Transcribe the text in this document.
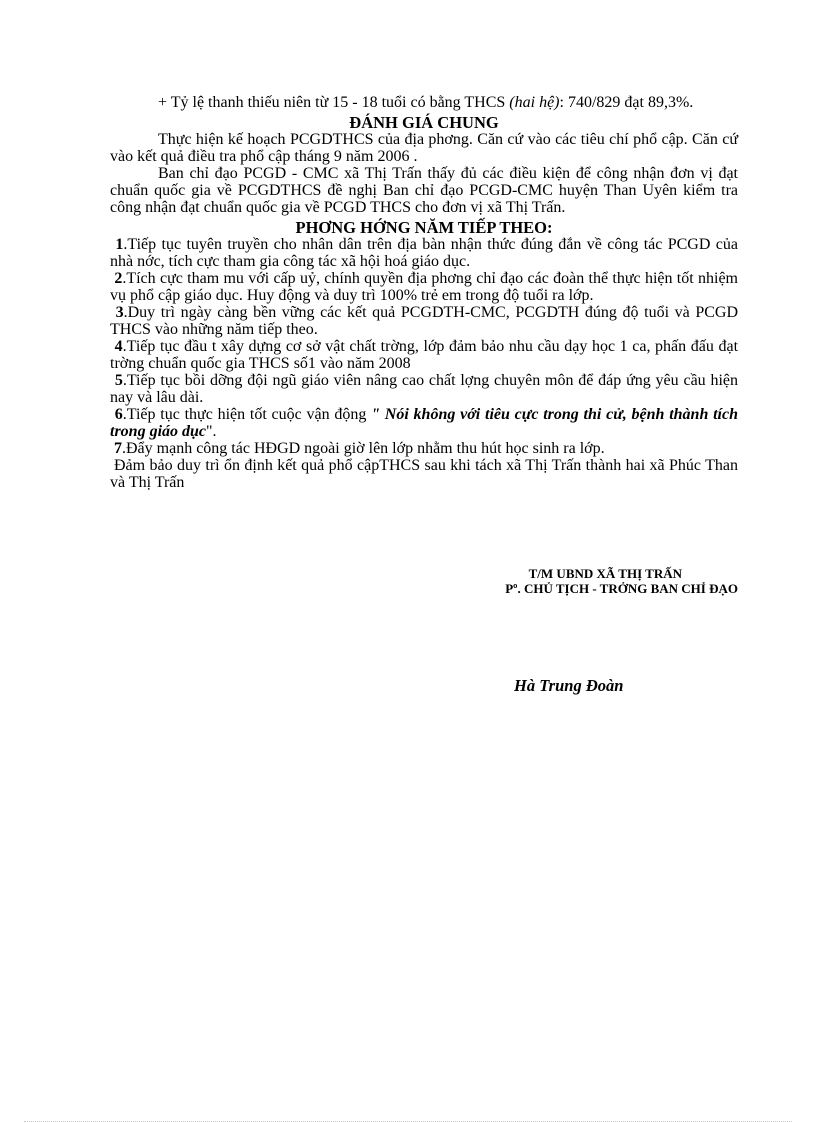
+ Tỷ lệ thanh thiếu niên từ 15 - 18 tuổi có bằng THCS (hai hệ): 740/829 đạt 89,3%.

ĐÁNH GIÁ CHUNG

Thực hiện kế hoạch PCGDTHCS của địa phơng. Căn cứ vào các tiêu chí phổ cập. Căn cứ vào kết quả điều tra phổ cập tháng 9 năm 2006 .

Ban chỉ đạo PCGD - CMC xã Thị Trấn thấy đủ các điều kiện để công nhận đơn vị đạt chuẩn quốc gia về PCGDTHCS đề nghị Ban chỉ đạo PCGD-CMC huyện Than Uyên kiểm tra công nhận đạt chuẩn quốc gia về PCGD THCS cho đơn vị xã Thị Trấn.

PHƠNG HỚNG NĂM TIẾP THEO:

1.Tiếp tục tuyên truyền cho nhân dân trên địa bàn nhận thức đúng đắn về công tác PCGD của nhà nớc, tích cực tham gia công tác xã hội hoá giáo dục.

2.Tích cực tham mu với cấp uỷ, chính quyền địa phơng chỉ đạo các đoàn thể thực hiện tốt nhiệm vụ phổ cập giáo dục. Huy động và duy trì 100% trẻ em trong độ tuổi ra lớp.

3.Duy trì ngày càng bền vững các kết quả PCGDTH-CMC, PCGDTH đúng độ tuổi và PCGD THCS vào những năm tiếp theo.

4.Tiếp tục đầu t xây dựng cơ sở vật chất trờng, lớp đảm bảo nhu cầu dạy học 1 ca, phấn đấu đạt trờng chuẩn quốc gia THCS số1 vào năm 2008

5.Tiếp tục bồi dỡng đội ngũ giáo viên nâng cao chất lợng chuyên môn để đáp ứng yêu cầu hiện nay và lâu dài.

6.Tiếp tục thực hiện tốt cuộc vận động " Nói không với tiêu cực trong thi cử, bệnh thành tích trong giáo dục".

7.Đẩy mạnh công tác HĐGD ngoài giờ lên lớp nhằm thu hút học sinh ra lớp.

Đảm bảo duy trì ổn định kết quả phổ cậpTHCS sau khi tách xã Thị Trấn thành hai xã Phúc Than và Thị Trấn

T/M UBND XÃ THỊ TRẤN
Pº. CHỦ TỊCH - TRỞNG BAN CHỈ ĐẠO
Hà Trung Đoàn
